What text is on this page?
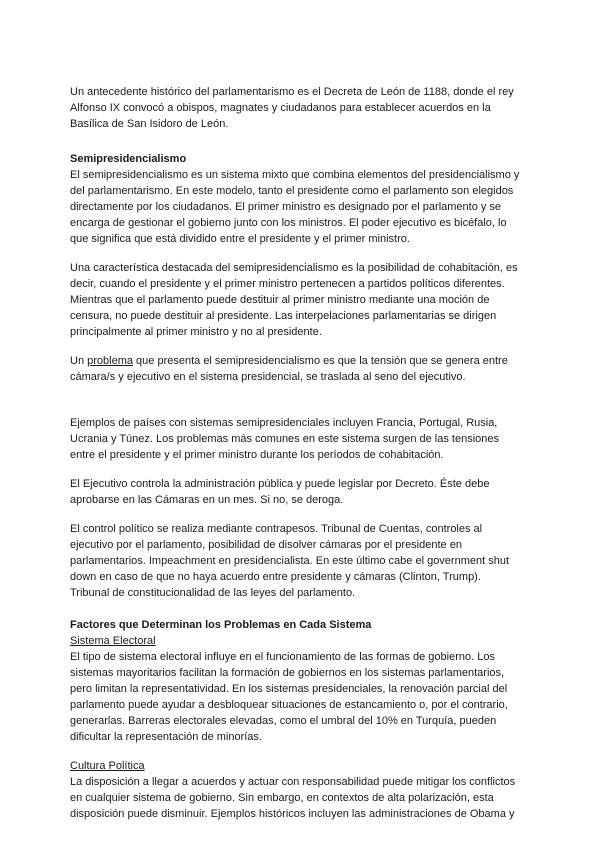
Un antecedente histórico del parlamentarismo es el Decreta de León de 1188, donde el rey Alfonso IX convocó a obispos, magnates y ciudadanos para establecer acuerdos en la Basílica de San Isidoro de León.

Semipresidencialismo

El semipresidencialismo es un sistema mixto que combina elementos del presidencialismo y del parlamentarismo. En este modelo, tanto el presidente como el parlamento son elegidos directamente por los ciudadanos. El primer ministro es designado por el parlamento y se encarga de gestionar el gobierno junto con los ministros. El poder ejecutivo es bicéfalo, lo que significa que está dividido entre el presidente y el primer ministro.

Una característica destacada del semipresidencialismo es la posibilidad de cohabitación, es decir, cuando el presidente y el primer ministro pertenecen a partidos políticos diferentes. Mientras que el parlamento puede destituir al primer ministro mediante una moción de censura, no puede destituir al presidente. Las interpelaciones parlamentarias se dirigen principalmente al primer ministro y no al presidente.

Un problema que presenta el semipresidencialismo es que la tensión que se genera entre cámara/s y ejecutivo en el sistema presidencial, se traslada al seno del ejecutivo.

Ejemplos de países con sistemas semipresidenciales incluyen Francia, Portugal, Rusia, Ucrania y Túnez. Los problemas más comunes en este sistema surgen de las tensiones entre el presidente y el primer ministro durante los períodos de cohabitación.

El Ejecutivo controla la administración pública y puede legislar por Decreto. Éste debe aprobarse en las Cámaras en un mes. Si no, se deroga.

El control político se realiza mediante contrapesos. Tribunal de Cuentas, controles al ejecutivo por el parlamento, posibilidad de disolver cámaras por el presidente en parlamentarios. Impeachment en presidencialista. En este último cabe el government shut down en caso de que no haya acuerdo entre presidente y cámaras (Clinton, Trump). Tribunal de constitucionalidad de las leyes del parlamento.

Factores que Determinan los Problemas en Cada Sistema

Sistema Electoral

El tipo de sistema electoral influye en el funcionamiento de las formas de gobierno. Los sistemas mayoritarios facilitan la formación de gobiernos en los sistemas parlamentarios, pero limitan la representatividad. En los sistemas presidenciales, la renovación parcial del parlamento puede ayudar a desbloquear situaciones de estancamiento o, por el contrario, generarlas. Barreras electorales elevadas, como el umbral del 10% en Turquía, pueden dificultar la representación de minorías.

Cultura Política

La disposición a llegar a acuerdos y actuar con responsabilidad puede mitigar los conflictos en cualquier sistema de gobierno. Sin embargo, en contextos de alta polarización, esta disposición puede disminuir. Ejemplos históricos incluyen las administraciones de Obama y
